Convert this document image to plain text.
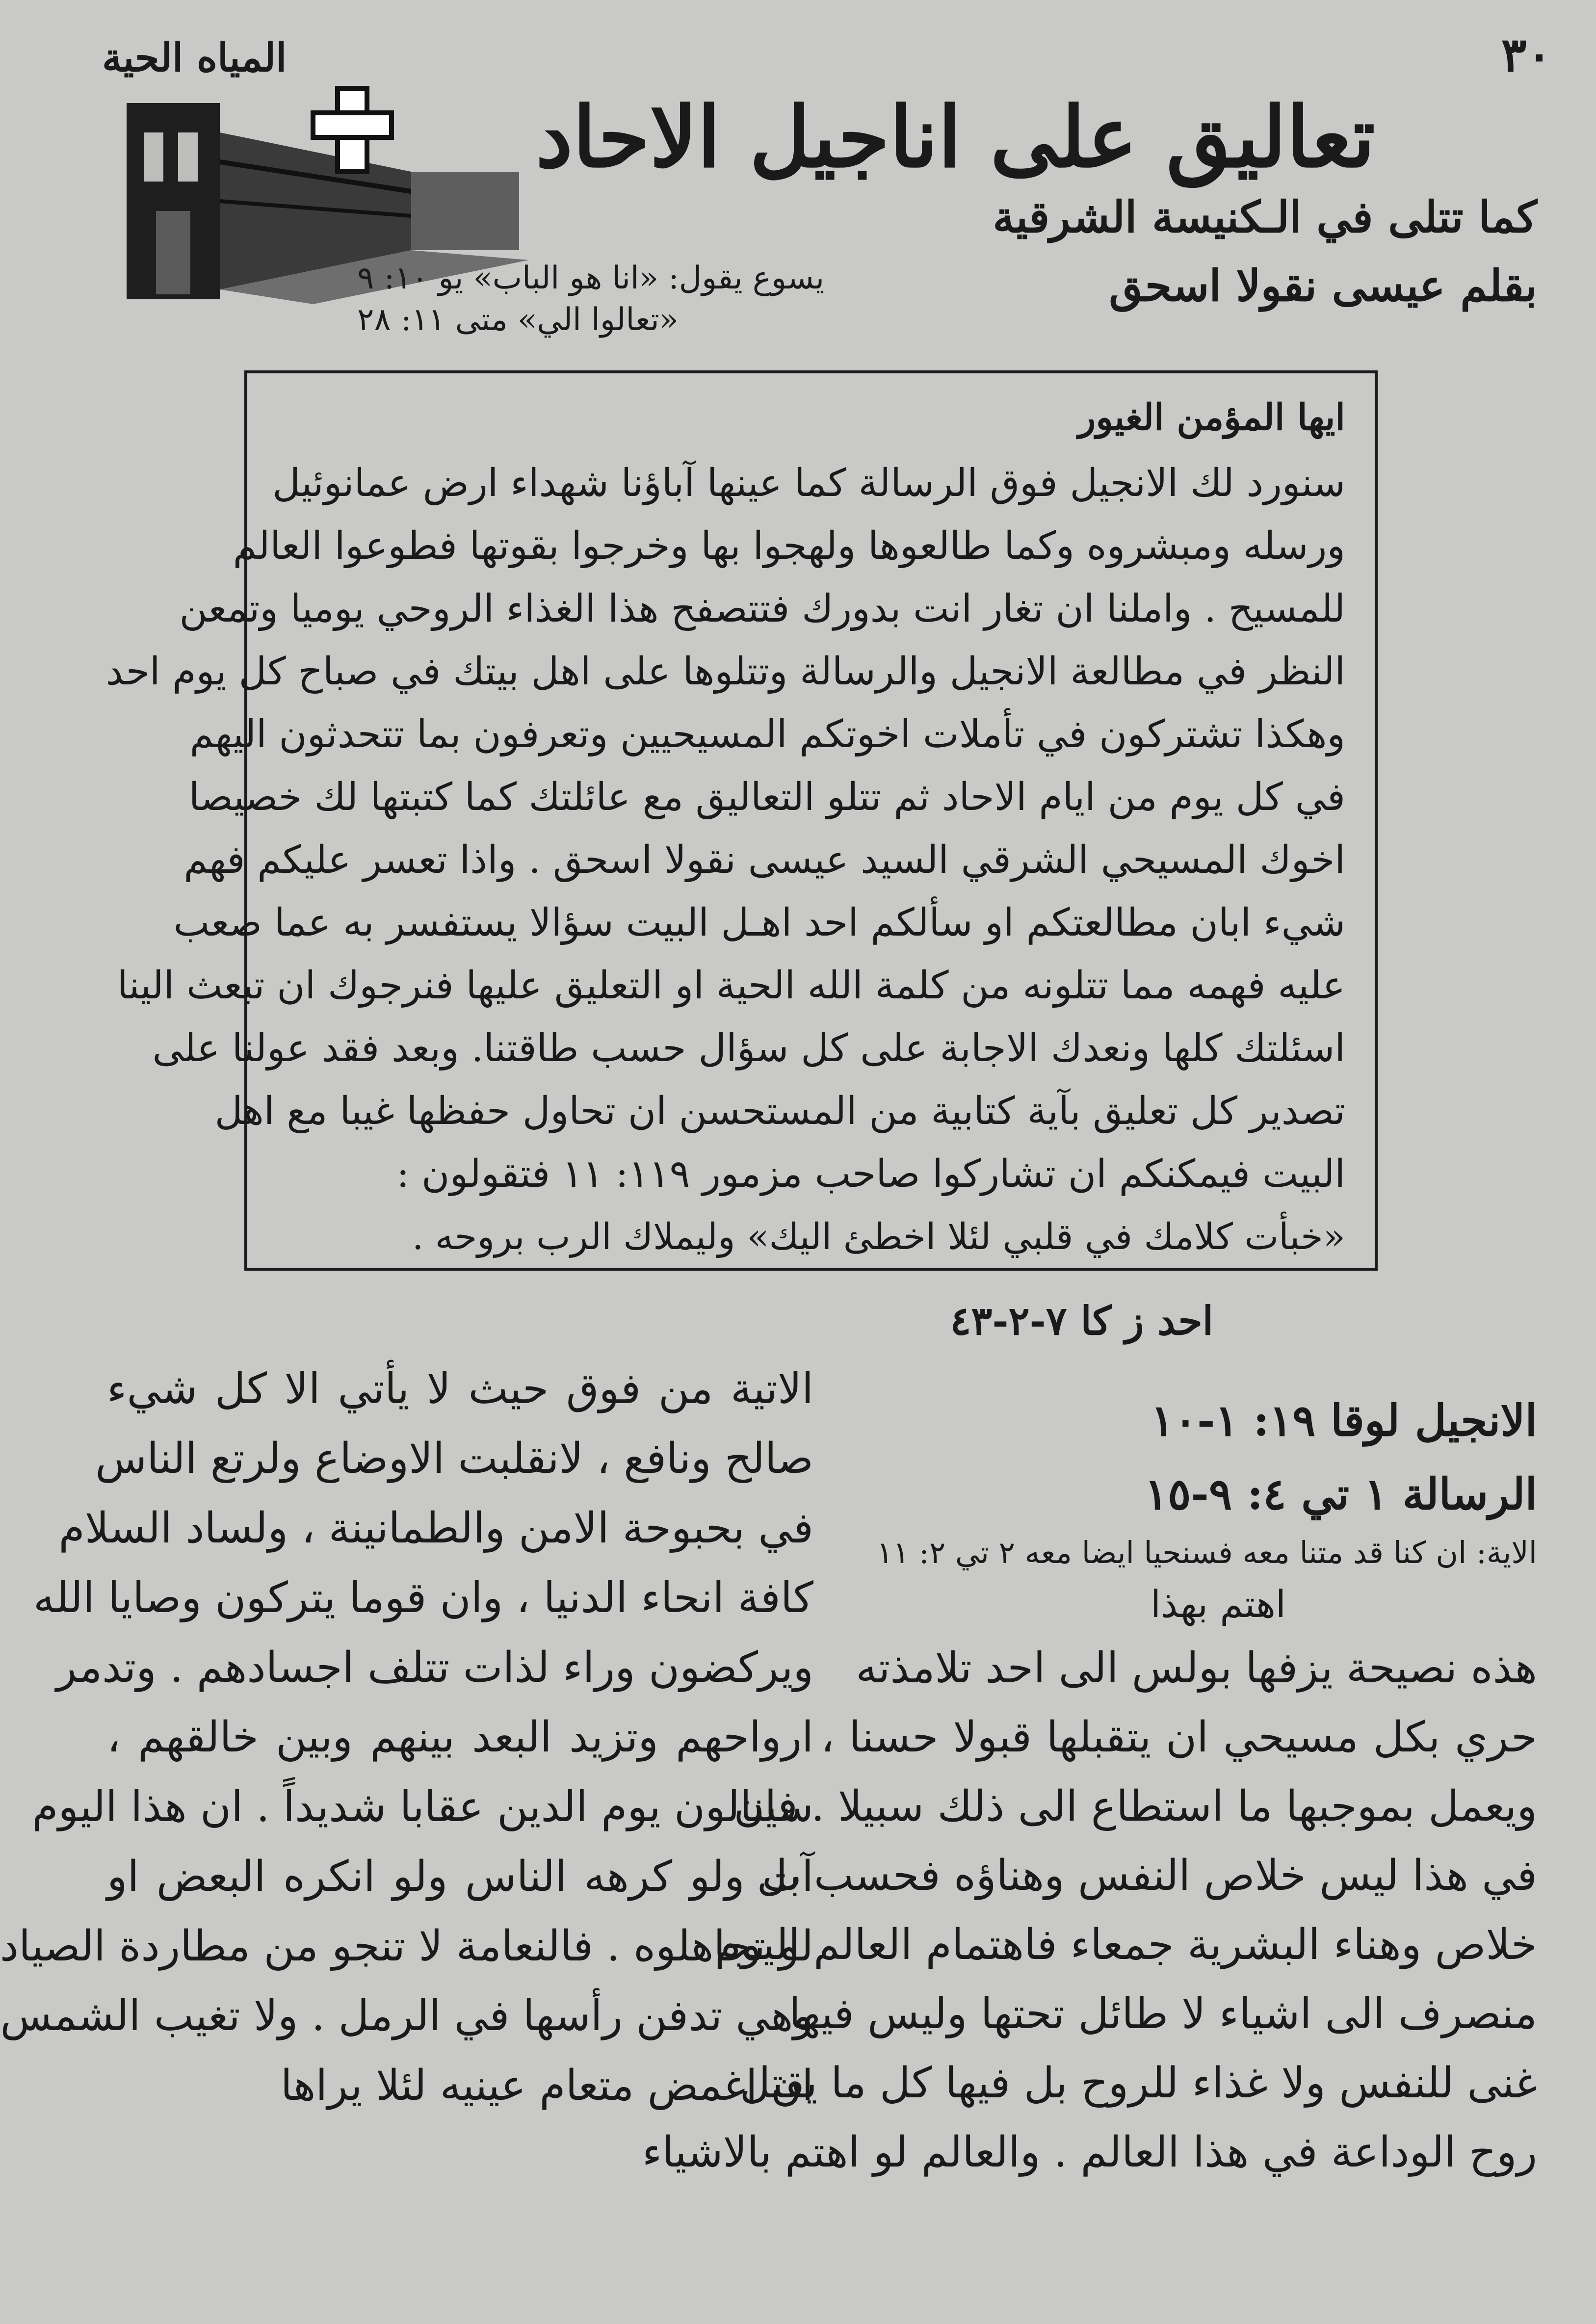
٣٠
المياه الحية
تعاليق على اناجيل الاحاد
كما تتلى في الـكنيسة الشرقية
بقلم عيسى نقولا اسحق
يسوع يقول: «انا هو الباب» يو ١٠: ٩
«تعالوا الي» متى ١١: ٢٨
ايها المؤمن الغيور
سنورد لك الانجيل فوق الرسالة كما عينها آباؤنا شهداء ارض عمانوئيل
ورسله ومبشروه وكما طالعوها ولهجوا بها وخرجوا بقوتها فطوعوا العالم
للمسيح . واملنا ان تغار انت بدورك فتتصفح هذا الغذاء الروحي يوميا وتمعن
النظر في مطالعة الانجيل والرسالة وتتلوها على اهل بيتك في صباح كل يوم احد
وهكذا تشتركون في تأملات اخوتكم المسيحيين وتعرفون بما تتحدثون اليهم
في كل يوم من ايام الاحاد ثم تتلو التعاليق مع عائلتك كما كتبتها لك خصيصا
اخوك المسيحي الشرقي السيد عيسى نقولا اسحق . واذا تعسر عليكم فهم
شيء ابان مطالعتكم او سألكم احد اهـل البيت سؤالا يستفسر به عما صعب
عليه فهمه مما تتلونه من كلمة الله الحية او التعليق عليها فنرجوك ان تبعث الينا
اسئلتك كلها ونعدك الاجابة على كل سؤال حسب طاقتنا. وبعد فقد عولنا على
تصدير كل تعليق بآية كتابية من المستحسن ان تحاول حفظها غيبا مع اهل
البيت فيمكنكم ان تشاركوا صاحب مزمور ١١٩: ١١ فتقولون :
«خبأت كلامك في قلبي لئلا اخطئ اليك» وليملاك الرب بروحه .
احد ز كا ٧-٢-٤٣
الاتية من فوق حيث لا يأتي الا كل شيء
صالح ونافع ، لانقلبت الاوضاع ولرتع الناس
في بحبوحة الامن والطمانينة ، ولساد السلام
كافة انحاء الدنيا ، وان قوما يتركون وصايا الله
ويركضون وراء لذات تتلف اجسادهم . وتدمر
ارواحهم وتزيد البعد بينهم وبين خالقهم ،
سينالون يوم الدين عقابا شديداً . ان هذا اليوم
آت ولو كرهه الناس ولو انكره البعض او
لو تجاهلوه . فالنعامة لا تنجو من مطاردة الصياد
وهي تدفن رأسها في الرمل . ولا تغيب الشمس
ان اغمض متعام عينيه لئلا يراها
الانجيل لوقا ١٩: ١-١٠
الرسالة ١ تي ٤: ٩-١٥
الاية: ان كنا قد متنا معه فسنحيا ايضا معه ٢ تي ٢: ١١
اهتم بهذا
هذه نصيحة يزفها بولس الى احد تلامذته
حري بكل مسيحي ان يتقبلها قبولا حسنا ،
ويعمل بموجبها ما استطاع الى ذلك سبيلا . فان
في هذا ليس خلاص النفس وهناؤه فحسب بل
خلاص وهناء البشرية جمعاء فاهتمام العالم اليوم
منصرف الى اشياء لا طائل تحتها وليس فيها
غنى للنفس ولا غذاء للروح بل فيها كل ما يقتل
روح الوداعة في هذا العالم . والعالم لو اهتم بالاشياء
